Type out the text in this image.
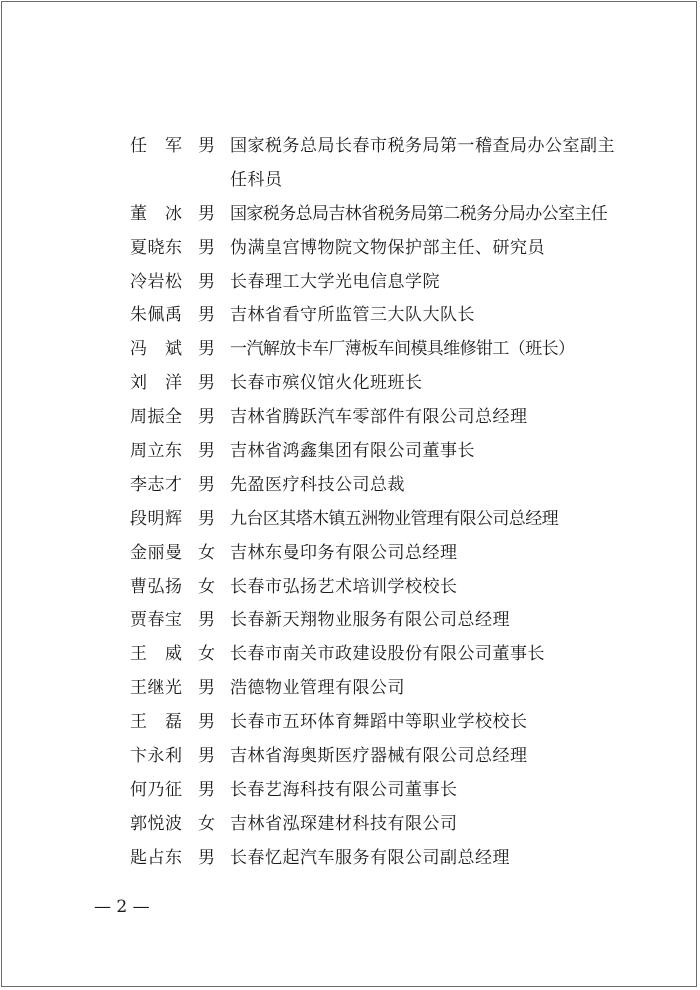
任　军 男 国家税务总局长春市税务局第一稽查局办公室副主任科员
董　冰 男 国家税务总局吉林省税务局第二税务分局办公室主任
夏晓东 男 伪满皇宫博物院文物保护部主任、研究员
冷岩松 男 长春理工大学光电信息学院
朱佩禹 男 吉林省看守所监管三大队大队长
冯　斌 男 一汽解放卡车厂薄板车间模具维修钳工（班长）
刘　洋 男 长春市殡仪馆火化班班长
周振全 男 吉林省腾跃汽车零部件有限公司总经理
周立东 男 吉林省鸿鑫集团有限公司董事长
李志才 男 先盈医疗科技公司总裁
段明辉 男 九台区其塔木镇五洲物业管理有限公司总经理
金丽曼 女 吉林东曼印务有限公司总经理
曹弘扬 女 长春市弘扬艺术培训学校校长
贾春宝 男 长春新天翔物业服务有限公司总经理
王　威 女 长春市南关市政建设股份有限公司董事长
王继光 男 浩德物业管理有限公司
王　磊 男 长春市五环体育舞蹈中等职业学校校长
卞永利 男 吉林省海奥斯医疗器械有限公司总经理
何乃征 男 长春艺海科技有限公司董事长
郭悦波 女 吉林省泓琛建材科技有限公司
匙占东 男 长春忆起汽车服务有限公司副总经理
— 2 —
